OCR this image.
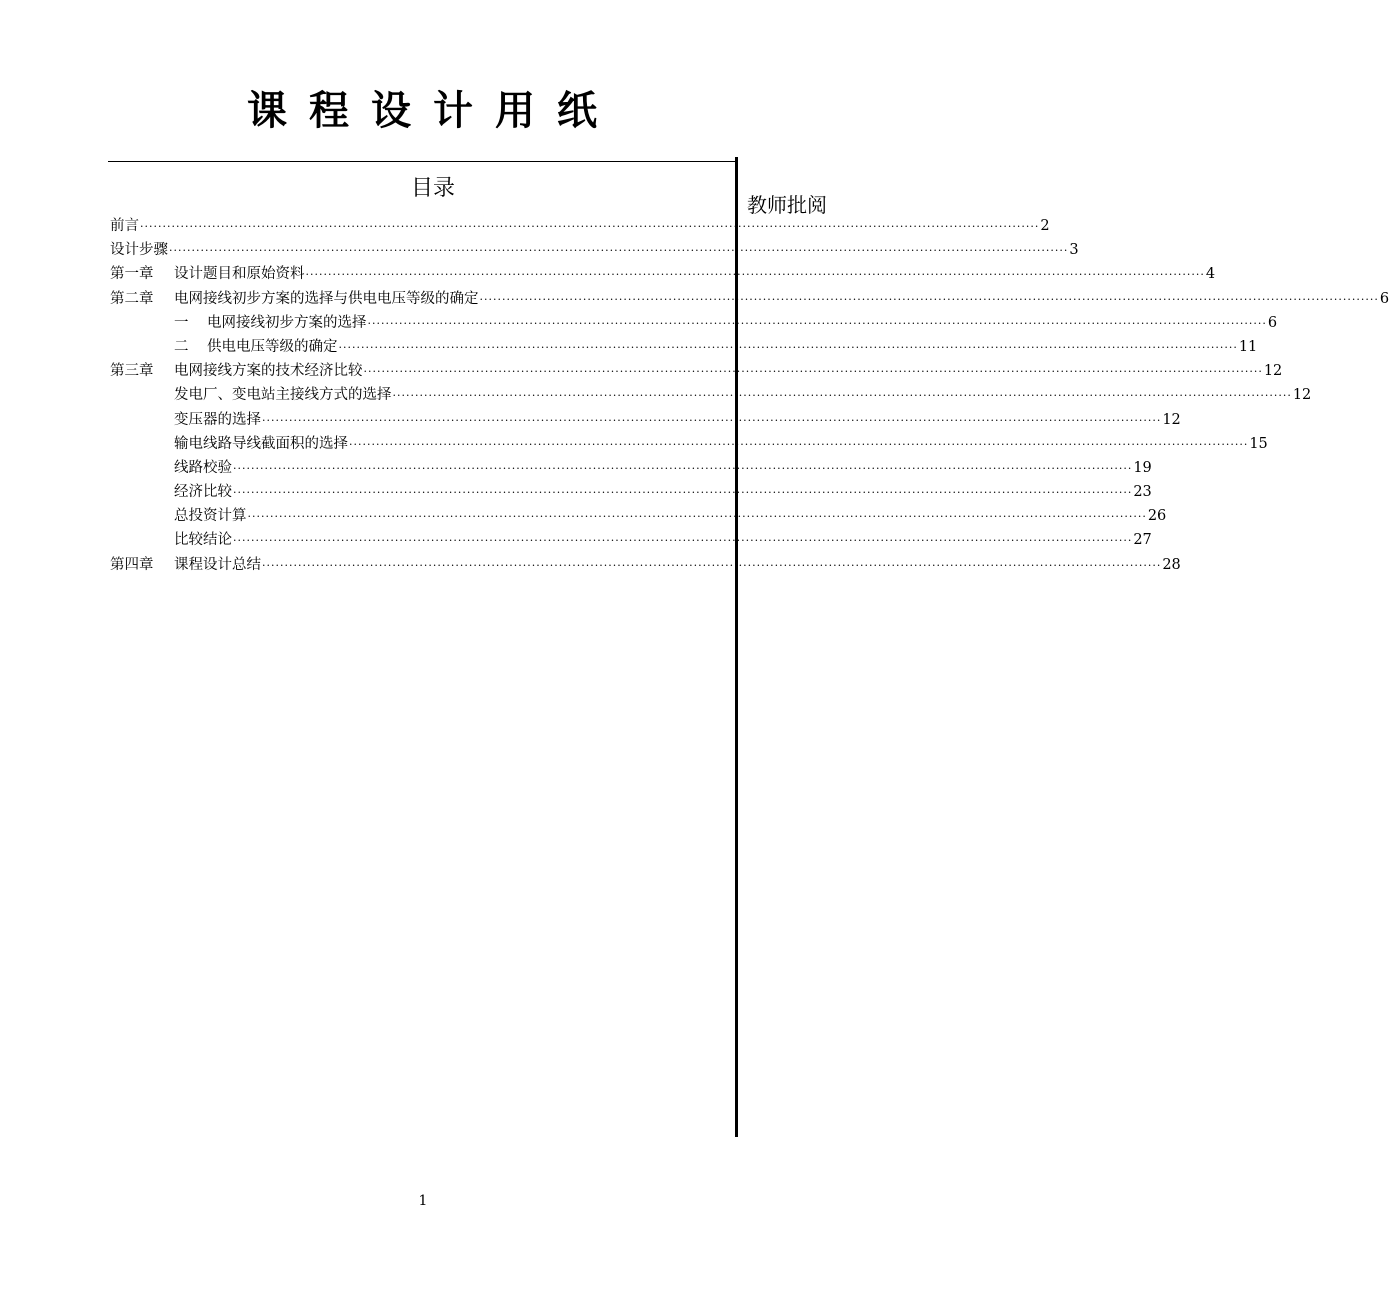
课程设计用纸
教师批阅
目录
前言 ········································································································································································································ 2
设计步骤 ········································································································································································································ 3
第一章	设计题目和原始资料 ········································································································································································································ 4
第二章	电网接线初步方案的选择与供电电压等级的确定 ········································································································································································································ 6
一	电网接线初步方案的选择 ········································································································································································································ 6
二	供电电压等级的确定 ········································································································································································································ 11
第三章	电网接线方案的技术经济比较 ········································································································································································································ 12
发电厂、变电站主接线方式的选择 ········································································································································································································ 12
变压器的选择 ········································································································································································································ 12
输电线路导线截面积的选择 ········································································································································································································ 15
线路校验 ········································································································································································································ 19
经济比较 ········································································································································································································ 23
总投资计算 ········································································································································································································ 26
比较结论 ········································································································································································································ 27
第四章	课程设计总结 ········································································································································································································ 28
1
